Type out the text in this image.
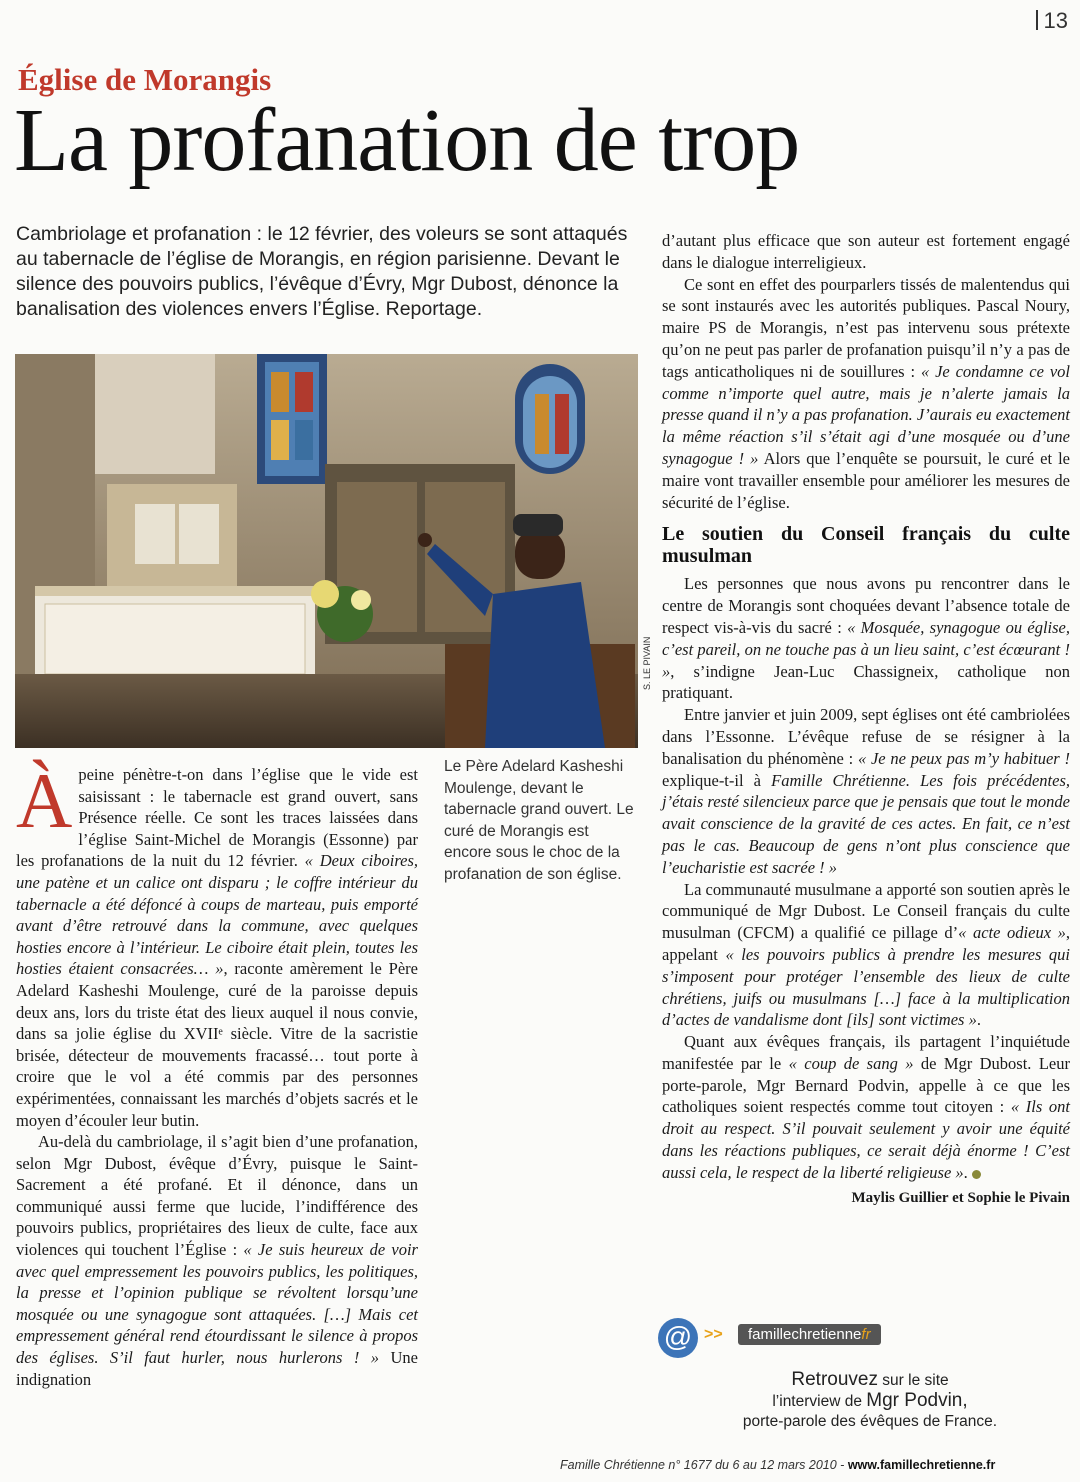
13
Église de Morangis
La profanation de trop
Cambriolage et profanation : le 12 février, des voleurs se sont attaqués au tabernacle de l’église de Morangis, en région parisienne. Devant le silence des pouvoirs publics, l’évêque d’Évry, Mgr Dubost, dénonce la banalisation des violences envers l’Église. Reportage.
S. LE PIVAIN
Le Père Adelard Kasheshi Moulenge, devant le tabernacle grand ouvert. Le curé de Morangis est encore sous le choc de la profanation de son église.

Àpeine pénètre-t-on dans l’église que le vide est saisissant : le tabernacle est grand ouvert, sans Présence réelle. Ce sont les traces laissées dans l’église Saint-Michel de Morangis (Essonne) par les profanations de la nuit du 12 février. « Deux ciboires, une patène et un calice ont disparu ; le coffre intérieur du tabernacle a été défoncé à coups de marteau, puis emporté avant d’être retrouvé dans la commune, avec quelques hosties encore à l’intérieur. Le ciboire était plein, toutes les hosties étaient consacrées… », raconte amèrement le Père Adelard Kasheshi Moulenge, curé de la paroisse depuis deux ans, lors du triste état des lieux auquel il nous convie, dans sa jolie église du XVIIᵉ siècle. Vitre de la sacristie brisée, détecteur de mouvements fracassé… tout porte à croire que le vol a été commis par des personnes expérimentées, connaissant les marchés d’objets sacrés et le moyen d’écouler leur butin.

Au-delà du cambriolage, il s’agit bien d’une profanation, selon Mgr Dubost, évêque d’Évry, puisque le Saint-Sacrement a été profané. Et il dénonce, dans un communiqué aussi ferme que lucide, l’indifférence des pouvoirs publics, propriétaires des lieux de culte, face aux violences qui touchent l’Église : « Je suis heureux de voir avec quel empressement les pouvoirs publics, les politiques, la presse et l’opinion publique se révoltent lorsqu’une mosquée ou une synagogue sont attaquées. […] Mais cet empressement général rend étourdissant le silence à propos des églises. S’il faut hurler, nous hurlerons ! » Une indignation

d’autant plus efficace que son auteur est fortement engagé dans le dialogue interreligieux.

Ce sont en effet des pourparlers tissés de malentendus qui se sont instaurés avec les autorités publiques. Pascal Noury, maire PS de Morangis, n’est pas intervenu sous prétexte qu’on ne peut pas parler de profanation puisqu’il n’y a pas de tags anticatholiques ni de souillures : « Je condamne ce vol comme n’importe quel autre, mais je n’alerte jamais la presse quand il n’y a pas profanation. J’aurais eu exactement la même réaction s’il s’était agi d’une mosquée ou d’une synagogue ! » Alors que l’enquête se poursuit, le curé et le maire vont travailler ensemble pour améliorer les mesures de sécurité de l’église.

Le soutien du Conseil français du culte musulman

Les personnes que nous avons pu rencontrer dans le centre de Morangis sont choquées devant l’absence totale de respect vis-à-vis du sacré : « Mosquée, synagogue ou église, c’est pareil, on ne touche pas à un lieu saint, c’est écœurant ! », s’indigne Jean-Luc Chassigneix, catholique non pratiquant.

Entre janvier et juin 2009, sept églises ont été cambriolées dans l’Essonne. L’évêque refuse de se résigner à la banalisation du phénomène : « Je ne peux pas m’y habituer ! explique-t-il à Famille Chrétienne. Les fois précédentes, j’étais resté silencieux parce que je pensais que tout le monde avait conscience de la gravité de ces actes. En fait, ce n’est pas le cas. Beaucoup de gens n’ont plus conscience que l’eucharistie est sacrée ! »

La communauté musulmane a apporté son soutien après le communiqué de Mgr Dubost. Le Conseil français du culte musulman (CFCM) a qualifié ce pillage d’« acte odieux », appelant « les pouvoirs publics à prendre les mesures qui s’imposent pour protéger l’ensemble des lieux de culte chrétiens, juifs ou musulmans […] face à la multiplication d’actes de vandalisme dont [ils] sont victimes ».

Quant aux évêques français, ils partagent l’inquiétude manifestée par le « coup de sang » de Mgr Dubost. Leur porte-parole, Mgr Bernard Podvin, appelle à ce que les catholiques soient respectés comme tout citoyen : « Ils ont droit au respect. S’il pouvait seulement y avoir une équité dans les réactions publiques, ce serait déjà énorme ! C’est aussi cela, le respect de la liberté religieuse ».

Maylis Guillier et Sophie le Pivain
@ >>	famillechretiennefr
Retrouvez sur le site
l’interview de Mgr Podvin,
porte-parole des évêques de France.
Famille Chrétienne n° 1677 du 6 au 12 mars 2010 - www.famillechretienne.fr
